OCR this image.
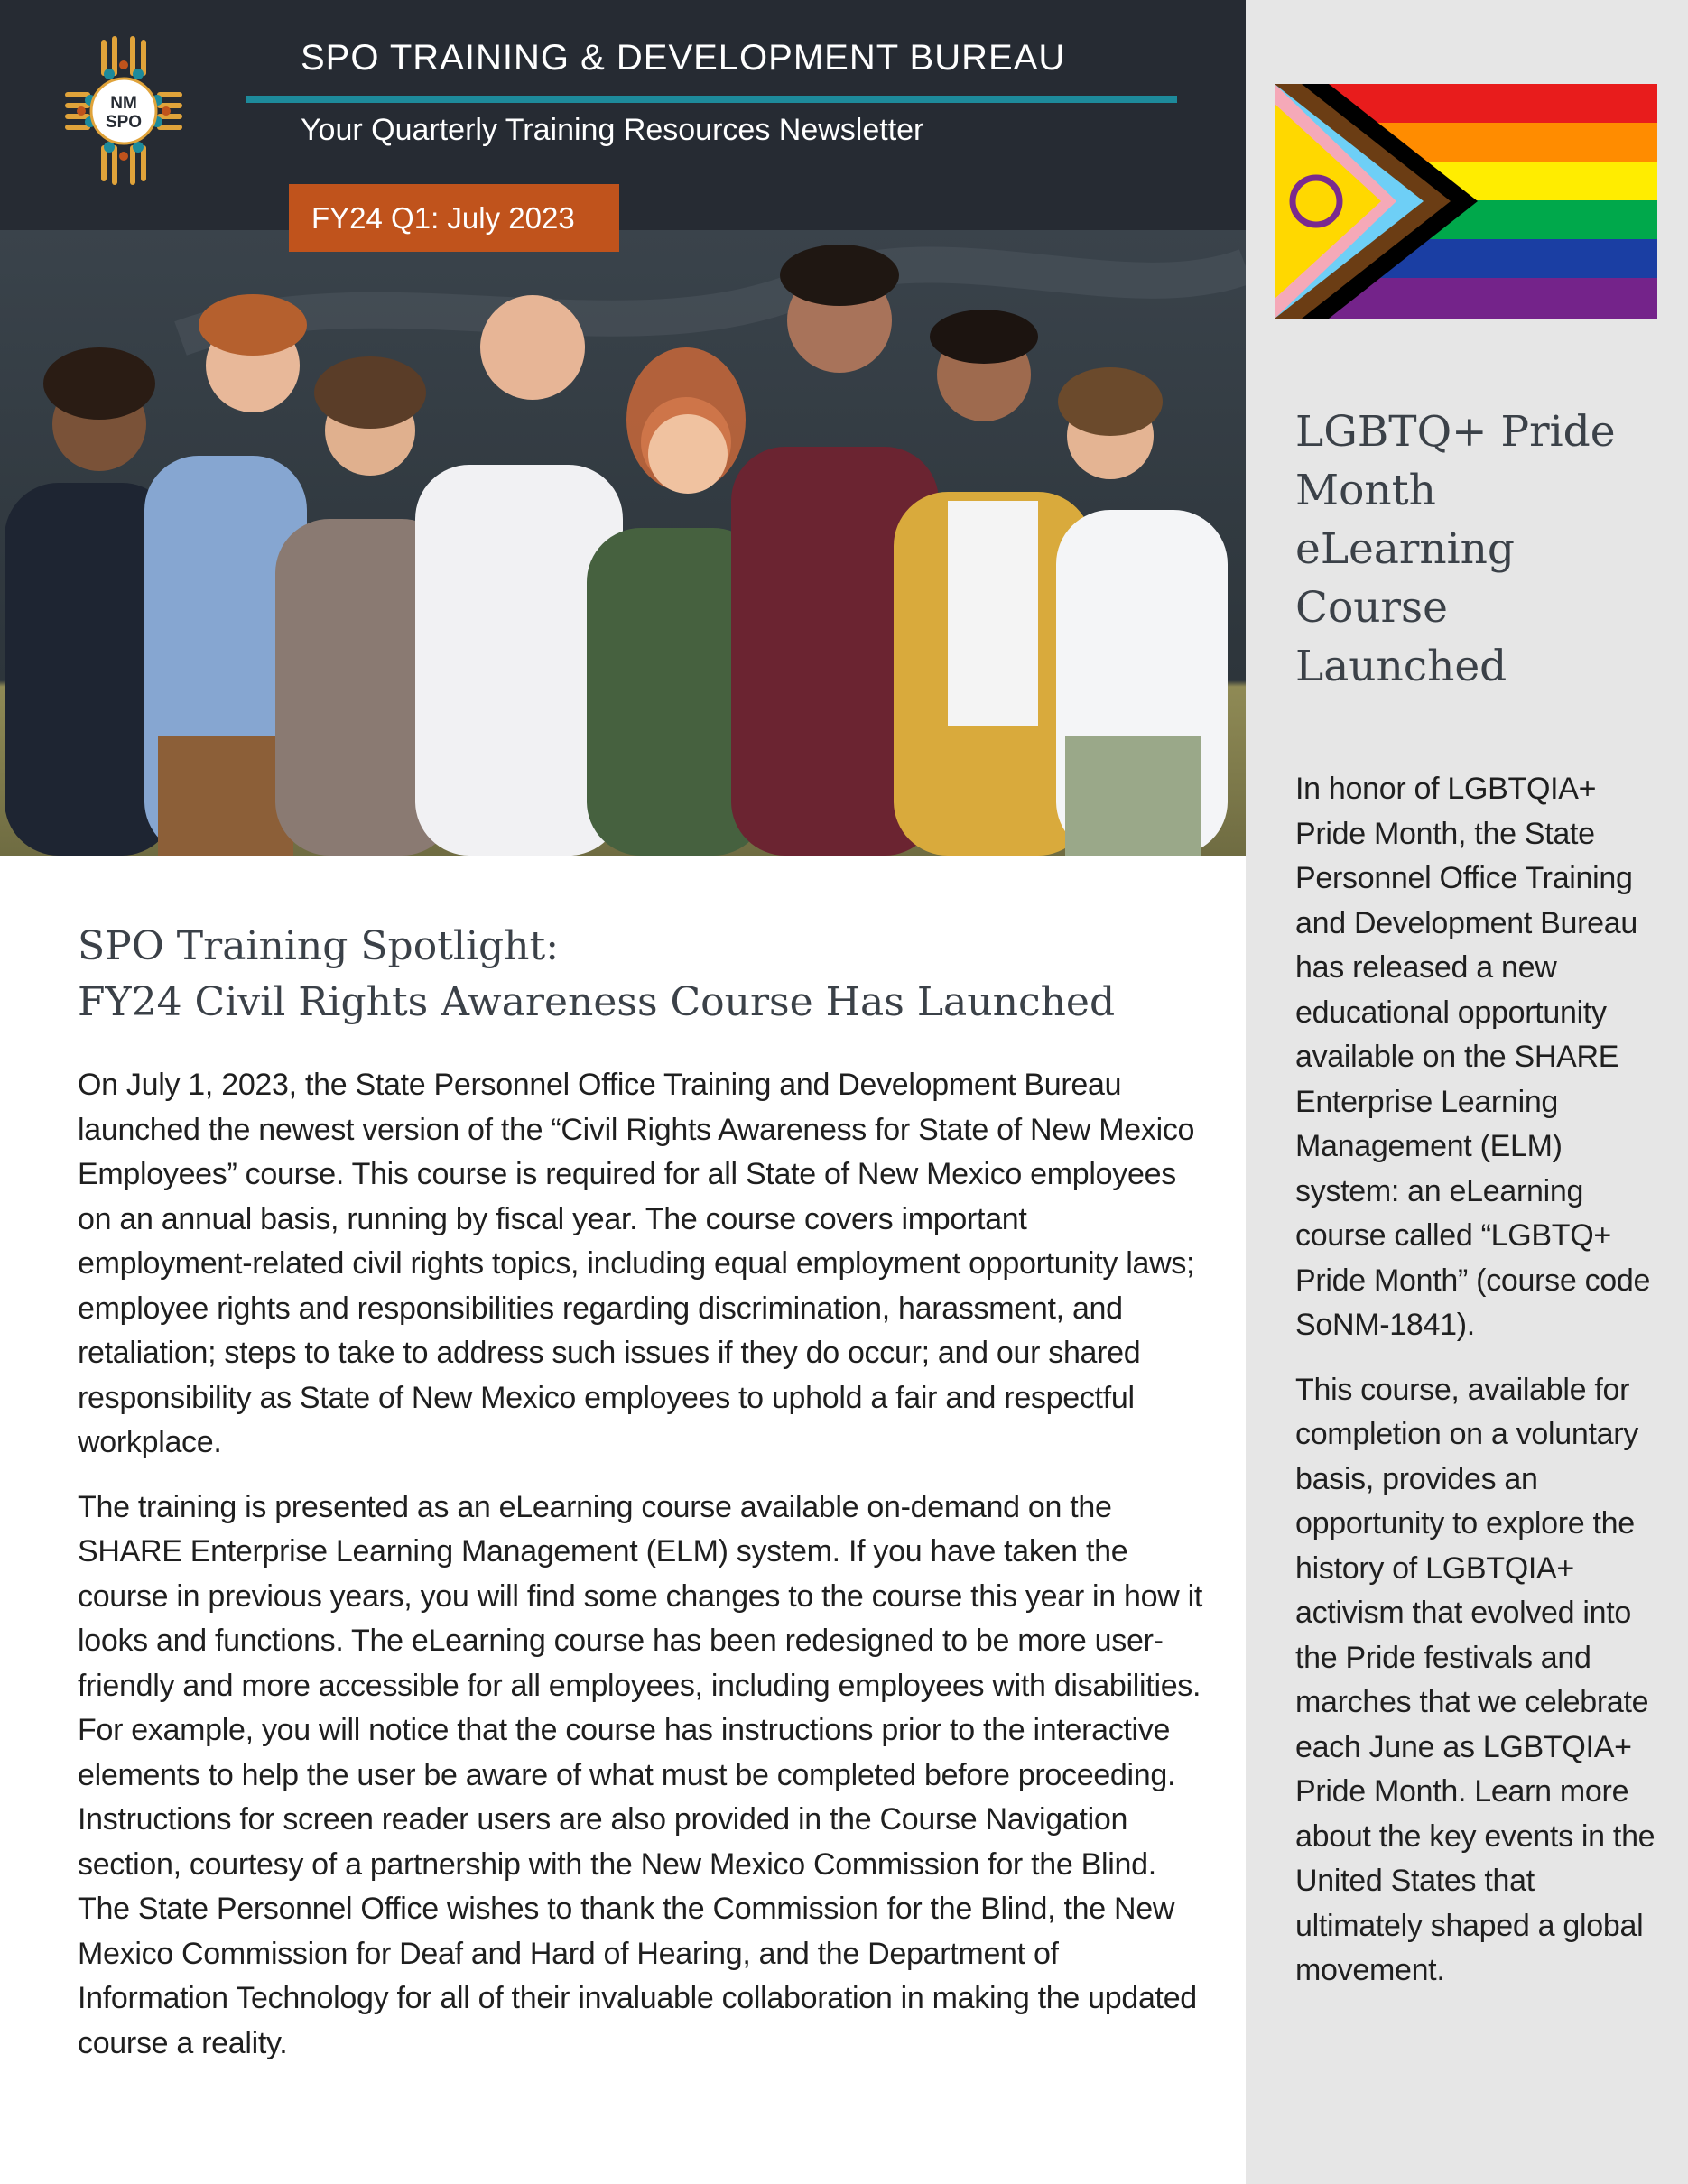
NM
SPO
SPO TRAINING & DEVELOPMENT BUREAU
Your Quarterly Training Resources Newsletter
FY24 Q1: July 2023
SPO Training Spotlight:
FY24 Civil Rights Awareness Course Has Launched

On July 1, 2023, the State Personnel Office Training and Development Bureau launched the newest version of the “Civil Rights Awareness for State of New Mexico Employees” course. This course is required for all State of New Mexico employees on an annual basis, running by fiscal year. The course covers important employment-related civil rights topics, including equal employment opportunity laws; employee rights and responsibilities regarding discrimination, harassment, and retaliation; steps to take to address such issues if they do occur; and our shared responsibility as State of New Mexico employees to uphold a fair and respectful workplace.

The training is presented as an eLearning course available on-demand on the SHARE Enterprise Learning Management (ELM) system. If you have taken the course in previous years, you will find some changes to the course this year in how it looks and functions. The eLearning course has been redesigned to be more user-friendly and more accessible for all employees, including employees with disabilities. For example, you will notice that the course has instructions prior to the interactive elements to help the user be aware of what must be completed before proceeding. Instructions for screen reader users are also provided in the Course Navigation section, courtesy of a partnership with the New Mexico Commission for the Blind. The State Personnel Office wishes to thank the Commission for the Blind, the New Mexico Commission for Deaf and Hard of Hearing, and the Department of Information Technology for all of their invaluable collaboration in making the updated course a reality.

LGBTQ+ Pride
Month
eLearning
Course
Launched

In honor of LGBTQIA+ Pride Month, the State Personnel Office Training and Development Bureau has released a new educational opportunity available on the SHARE Enterprise Learning Management (ELM) system: an eLearning course called “LGBTQ+ Pride Month” (course code SoNM-1841).

This course, available for completion on a voluntary basis, provides an opportunity to explore the history of LGBTQIA+ activism that evolved into the Pride festivals and marches that we celebrate each June as LGBTQIA+ Pride Month. Learn more about the key events in the United States that ultimately shaped a global movement.
